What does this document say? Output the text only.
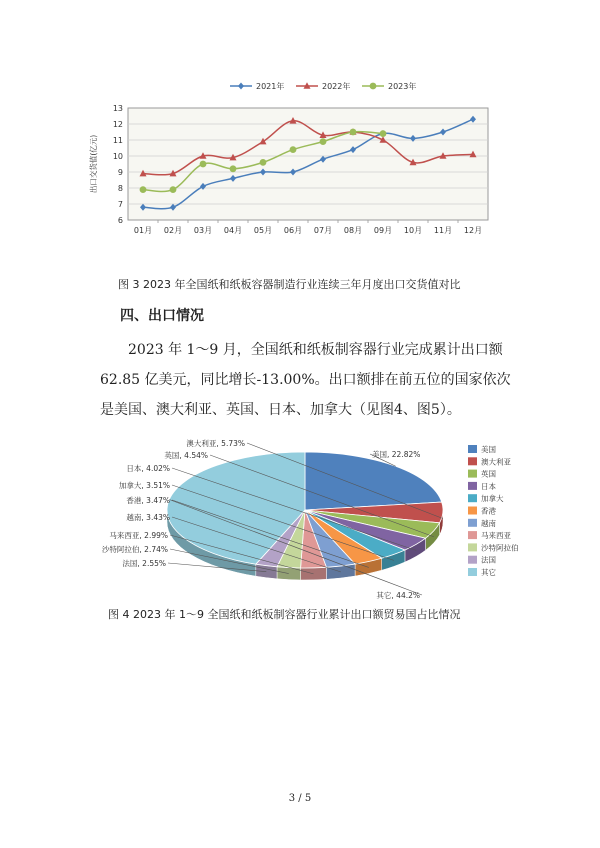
6
7
8
9
10
11
12
13
01月 02月 03月 04月 05月 06月 07月 08月 09月 10月 11月 12月
出口交货值(亿元)
2021年	2022年	2023年
图 3 2023 年全国纸和纸板容器制造行业连续三年月度出口交货值对比
四、出口情况
2023 年 1～9 月，全国纸和纸板制容器行业完成累计出口额
62.85 亿美元，同比增长-13.00%。出口额排在前五位的国家依次
是美国、澳大利亚、英国、日本、加拿大（见图4、图5）。
美国, 22.82%
澳大利亚, 5.73%
英国, 4.54%
日本, 4.02%
加拿大, 3.51%
香港, 3.47%
越南, 3.43%
马来西亚, 2.99%
沙特阿拉伯, 2.74%
法国, 2.55%
其它, 44.2%
美国
澳大利亚
英国
日本
加拿大
香港
越南
马来西亚
沙特阿拉伯
法国
其它
图 4 2023 年 1～9 全国纸和纸板制容器行业累计出口额贸易国占比情况
3 / 5
